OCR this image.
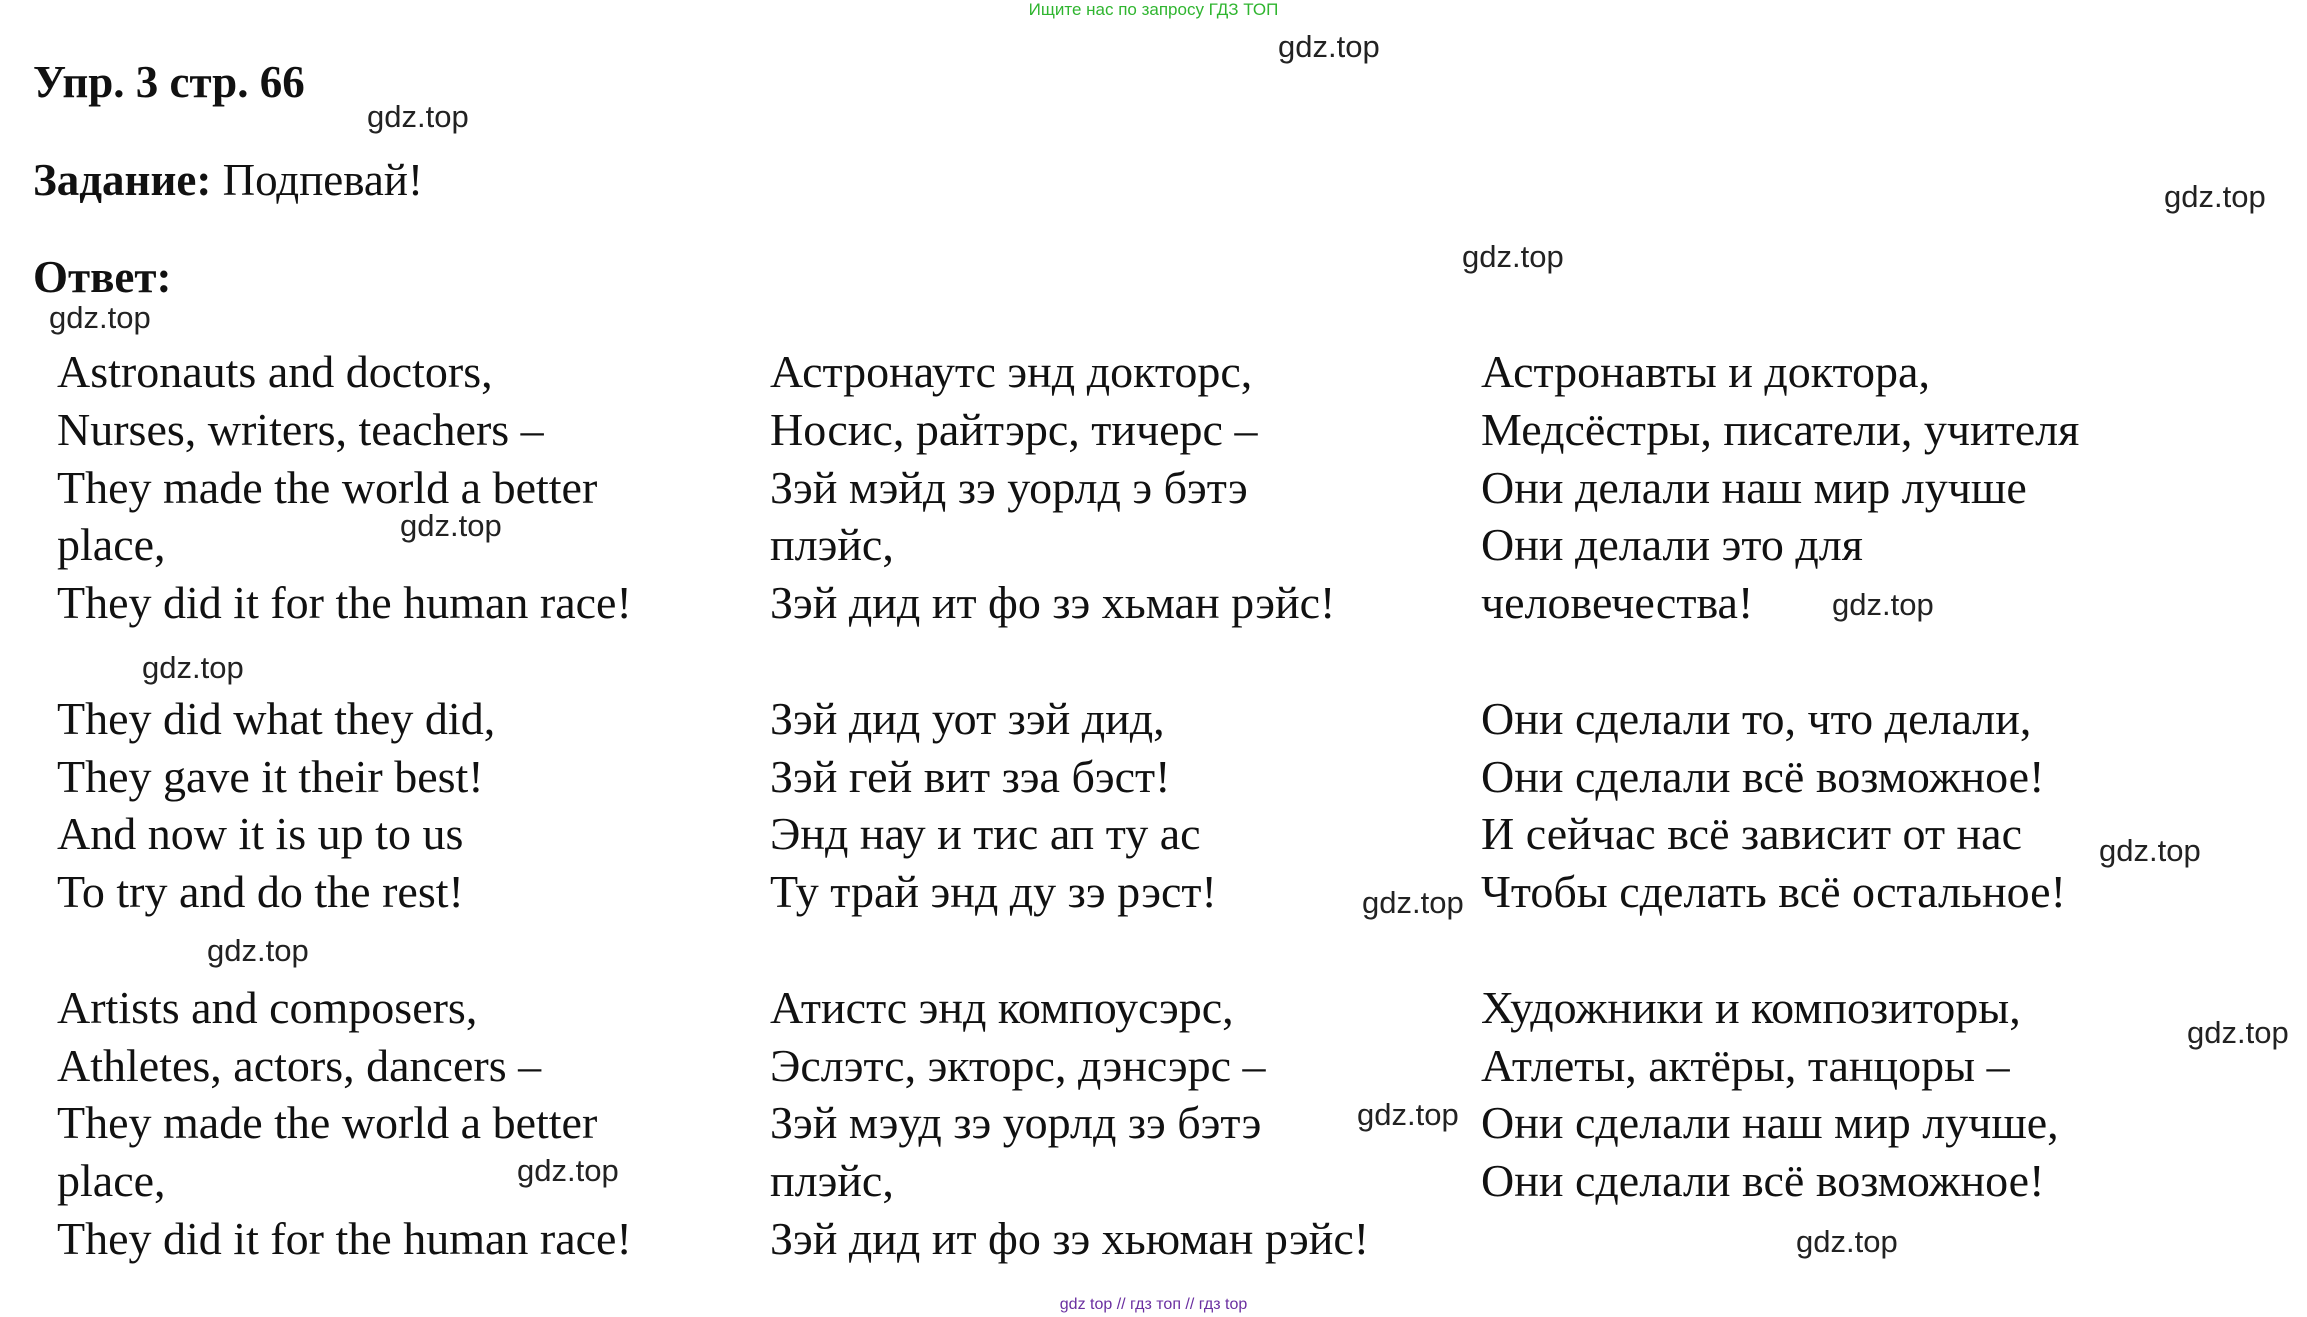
Ищите нас по запросу ГДЗ ТОП
Упр. 3 стр. 66
Задание: Подпевай!
Ответ:
Astronauts and doctors,
Nurses, writers, teachers –
They made the world a better
place,
They did it for the human race!
They did what they did,
They gave it their best!
And now it is up to us
To try and do the rest!
Artists and composers,
Athletes, actors, dancers –
They made the world a better
place,
They did it for the human race!
Астронаутс энд докторс,
Носис, райтэрс, тичерс –
Зэй мэйд зэ уорлд э бэтэ
плэйс,
Зэй дид ит фо зэ хьман рэйс!
Зэй дид уот зэй дид,
Зэй гей вит зэа бэст!
Энд нау и тис ап ту ас
Ту трай энд ду зэ рэст!
Атистс энд компоусэрс,
Эслэтс, экторс, дэнсэрс –
Зэй мэуд зэ уорлд зэ бэтэ
плэйс,
Зэй дид ит фо зэ хьюман рэйс!
Астронавты и доктора,
Медсёстры, писатели, учителя
Они делали наш мир лучше
Они делали это для
человечества!
Они сделали то, что делали,
Они сделали всё возможное!
И сейчас всё зависит от нас
Чтобы сделать всё остальное!
Художники и композиторы,
Атлеты, актёры, танцоры –
Они сделали наш мир лучше,
Они сделали всё возможное!
gdz.top
gdz.top
gdz.top
gdz.top
gdz.top
gdz.top
gdz.top
gdz.top
gdz.top
gdz.top
gdz.top
gdz.top
gdz.top
gdz.top
gdz.top
gdz top // гдз топ // гдз top
